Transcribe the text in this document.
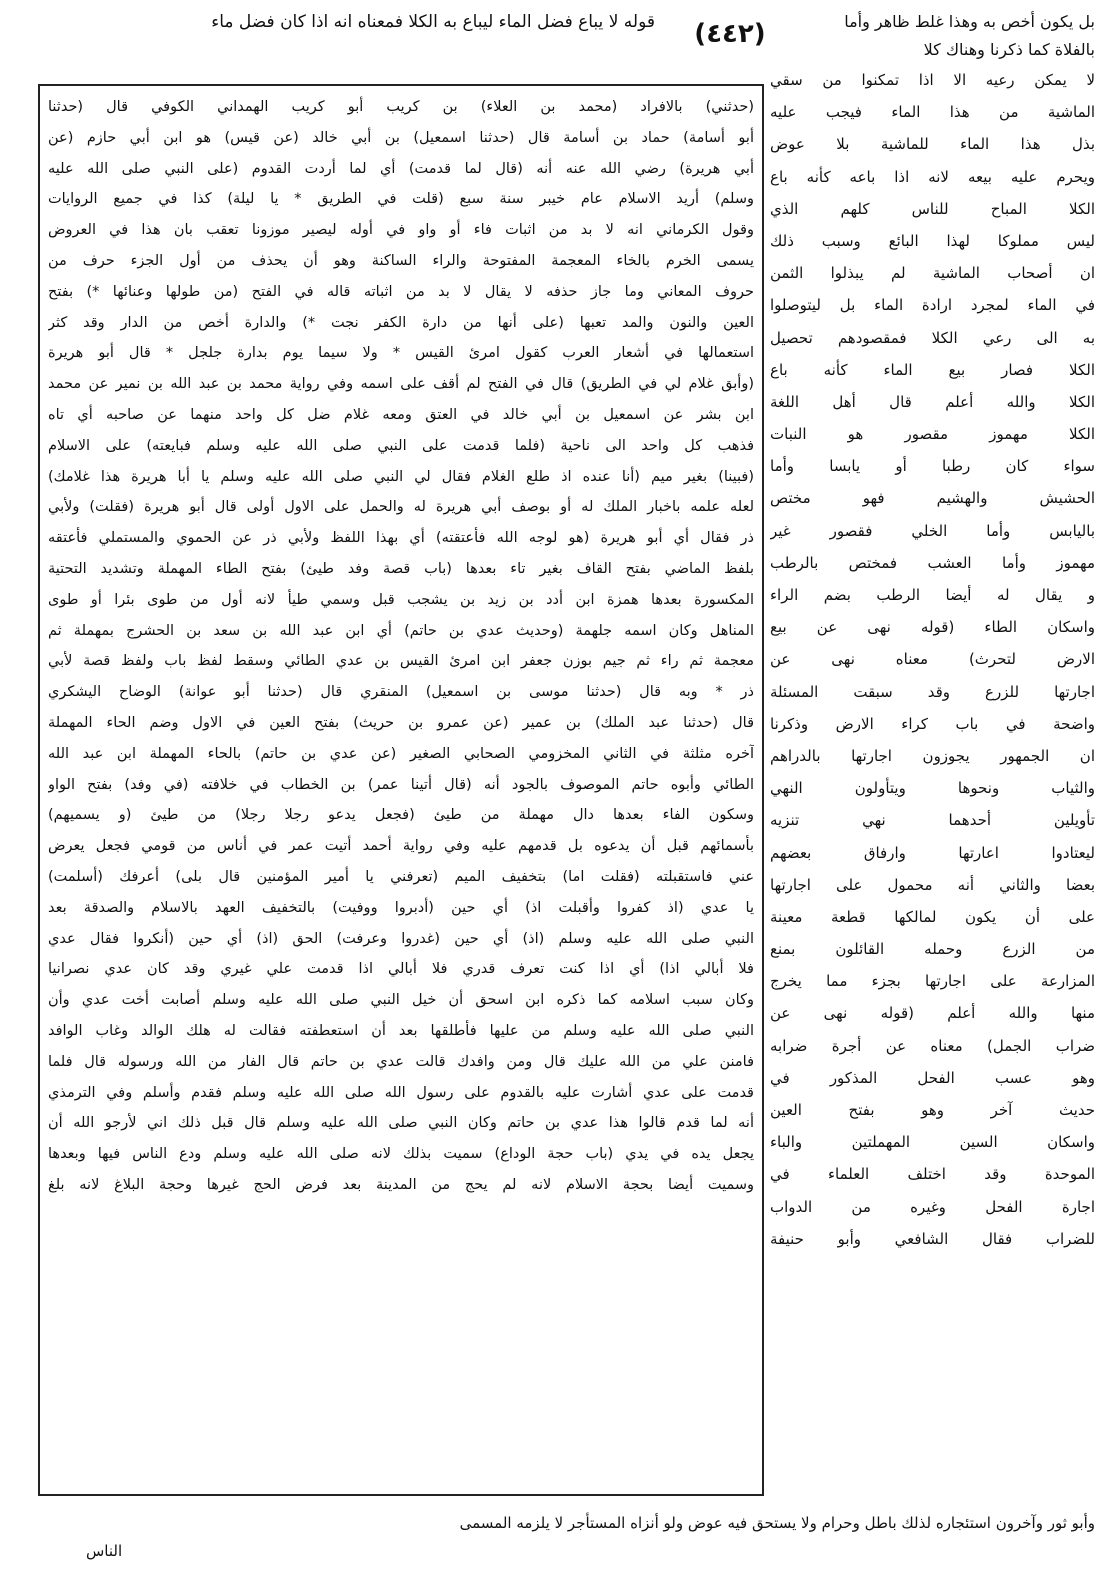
بل يكون أخص به وهذا غلط ظاهر وأما
بالفلاة كما ذكرنا وهناك كلا
(٤٤٢)
قوله لا يباع فضل الماء ليباع به الكلا فمعناه انه اذا كان فضل ماء
(حدثني) بالافراد (محمد بن العلاء) بن كريب أبو كريب الهمداني الكوفي قال (حدثنا
أبو أسامة) حماد بن أسامة قال (حدثنا اسمعيل) بن أبي خالد (عن قيس) هو ابن أبي حازم (عن
أبي هريرة) رضي الله عنه أنه (قال لما قدمت) أي لما أردت القدوم (على النبي صلى الله عليه
وسلم) أريد الاسلام عام خيبر سنة سبع (قلت في الطريق * يا ليلة) كذا في جميع الروايات
وقول الكرماني انه لا بد من اثبات فاء أو واو في أوله ليصير موزونا تعقب بان هذا في العروض
يسمى الخرم بالخاء المعجمة المفتوحة والراء الساكنة وهو أن يحذف من أول الجزء حرف من
حروف المعاني وما جاز حذفه لا يقال لا بد من اثباته قاله في الفتح (من طولها وعنائها *) بفتح
العين والنون والمد تعبها (على أنها من دارة الكفر نجت *) والدارة أخص من الدار وقد كثر
استعمالها في أشعار العرب كقول امرئ القيس * ولا سيما يوم بدارة جلجل * قال أبو هريرة
(وأبق غلام لي في الطريق) قال في الفتح لم أقف على اسمه وفي رواية محمد بن عبد الله بن نمير عن محمد
ابن بشر عن اسمعيل بن أبي خالد في العتق ومعه غلام ضل كل واحد منهما عن صاحبه أي تاه
فذهب كل واحد الى ناحية (فلما قدمت على النبي صلى الله عليه وسلم فبايعته) على الاسلام
(فبينا) بغير ميم (أنا عنده اذ طلع الغلام فقال لي النبي صلى الله عليه وسلم يا أبا هريرة هذا غلامك)
لعله علمه باخبار الملك له أو بوصف أبي هريرة له والحمل على الاول أولى قال أبو هريرة (فقلت) ولأبي
ذر فقال أي أبو هريرة (هو لوجه الله فأعتقته) أي بهذا اللفظ ولأبي ذر عن الحموي والمستملي فأعتقه
بلفظ الماضي بفتح القاف بغير تاء بعدها (باب قصة وفد طيئ) بفتح الطاء المهملة وتشديد التحتية
المكسورة بعدها همزة ابن أدد بن زيد بن يشجب قبل وسمي طيأ لانه أول من طوى بئرا أو طوى
المناهل وكان اسمه جلهمة (وحديث عدي بن حاتم) أي ابن عبد الله بن سعد بن الحشرج بمهملة ثم
معجمة ثم راء ثم جيم بوزن جعفر ابن امرئ القيس بن عدي الطائي وسقط لفظ باب ولفظ قصة لأبي
ذر * وبه قال (حدثنا موسى بن اسمعيل) المنقري قال (حدثنا أبو عوانة) الوضاح اليشكري
قال (حدثنا عبد الملك) بن عمير (عن عمرو بن حريث) بفتح العين في الاول وضم الحاء المهملة
آخره مثلثة في الثاني المخزومي الصحابي الصغير (عن عدي بن حاتم) بالحاء المهملة ابن عبد الله
الطائي وأبوه حاتم الموصوف بالجود أنه (قال أتينا عمر) بن الخطاب في خلافته (في وفد) بفتح الواو
وسكون الفاء بعدها دال مهملة من طيئ (فجعل يدعو رجلا رجلا) من طيئ (و يسميهم)
بأسمائهم قبل أن يدعوه بل قدمهم عليه وفي رواية أحمد أتيت عمر في أناس من قومي فجعل يعرض
عني فاستقبلته (فقلت اما) بتخفيف الميم (تعرفني يا أمير المؤمنين قال بلى) أعرفك (أسلمت)
يا عدي (اذ كفروا وأقبلت اذ) أي حين (أدبروا ووفيت) بالتخفيف العهد بالاسلام والصدقة بعد
النبي صلى الله عليه وسلم (اذ) أي حين (غدروا وعرفت) الحق (اذ) أي حين (أنكروا فقال عدي
فلا أبالي اذا) أي اذا كنت تعرف قدري فلا أبالي اذا قدمت علي غيري وقد كان عدي نصرانيا
وكان سبب اسلامه كما ذكره ابن اسحق أن خيل النبي صلى الله عليه وسلم أصابت أخت عدي وأن
النبي صلى الله عليه وسلم من عليها فأطلقها بعد أن استعطفته فقالت له هلك الوالد وغاب الوافد
فامنن علي من الله عليك قال ومن وافدك قالت عدي بن حاتم قال الفار من الله ورسوله قال فلما
قدمت على عدي أشارت عليه بالقدوم على رسول الله صلى الله عليه وسلم فقدم وأسلم وفي الترمذي
أنه لما قدم قالوا هذا عدي بن حاتم وكان النبي صلى الله عليه وسلم قال قبل ذلك اني لأرجو الله أن
يجعل يده في يدي (باب حجة الوداع) سميت بذلك لانه صلى الله عليه وسلم ودع الناس فيها وبعدها
وسميت أيضا بحجة الاسلام لانه لم يحج من المدينة بعد فرض الحج غيرها وحجة البلاغ لانه بلغ
لا يمكن رعيه الا اذا تمكنوا من سقي
الماشية من هذا الماء فيجب عليه
بذل هذا الماء للماشية بلا عوض
ويحرم عليه بيعه لانه اذا باعه كأنه باع
الكلا المباح للناس كلهم الذي
ليس مملوكا لهذا البائع وسبب ذلك
ان أصحاب الماشية لم يبذلوا الثمن
في الماء لمجرد ارادة الماء بل ليتوصلوا
به الى رعي الكلا فمقصودهم تحصيل
الكلا فصار بيع الماء كأنه باع
الكلا والله أعلم قال أهل اللغة
الكلا مهموز مقصور هو النبات
سواء كان رطبا أو يابسا وأما
الحشيش والهشيم فهو مختص
باليابس وأما الخلي فقصور غير
مهموز وأما العشب فمختص بالرطب
و يقال له أيضا الرطب بضم الراء
واسكان الطاء (قوله نهى عن بيع
الارض لتحرث) معناه نهى عن
اجارتها للزرع وقد سبقت المسئلة
واضحة في باب كراء الارض وذكرنا
ان الجمهور يجوزون اجارتها بالدراهم
والثياب ونحوها ويتأولون النهي
تأويلين أحدهما نهي تنزيه
ليعتادوا اعارتها وارفاق بعضهم
بعضا والثاني أنه محمول على اجارتها
على أن يكون لمالكها قطعة معينة
من الزرع وحمله القائلون بمنع
المزارعة على اجارتها بجزء مما يخرج
منها والله أعلم (قوله نهى عن
ضراب الجمل) معناه عن أجرة ضرابه
وهو عسب الفحل المذكور في
حديث آخر وهو بفتح العين
واسكان السين المهملتين والباء
الموحدة وقد اختلف العلماء في
اجارة الفحل وغيره من الدواب
للضراب فقال الشافعي وأبو حنيفة
وأبو ثور وآخرون استئجاره لذلك باطل وحرام ولا يستحق فيه عوض ولو أنزاه المستأجر لا يلزمه المسمى
الناس
